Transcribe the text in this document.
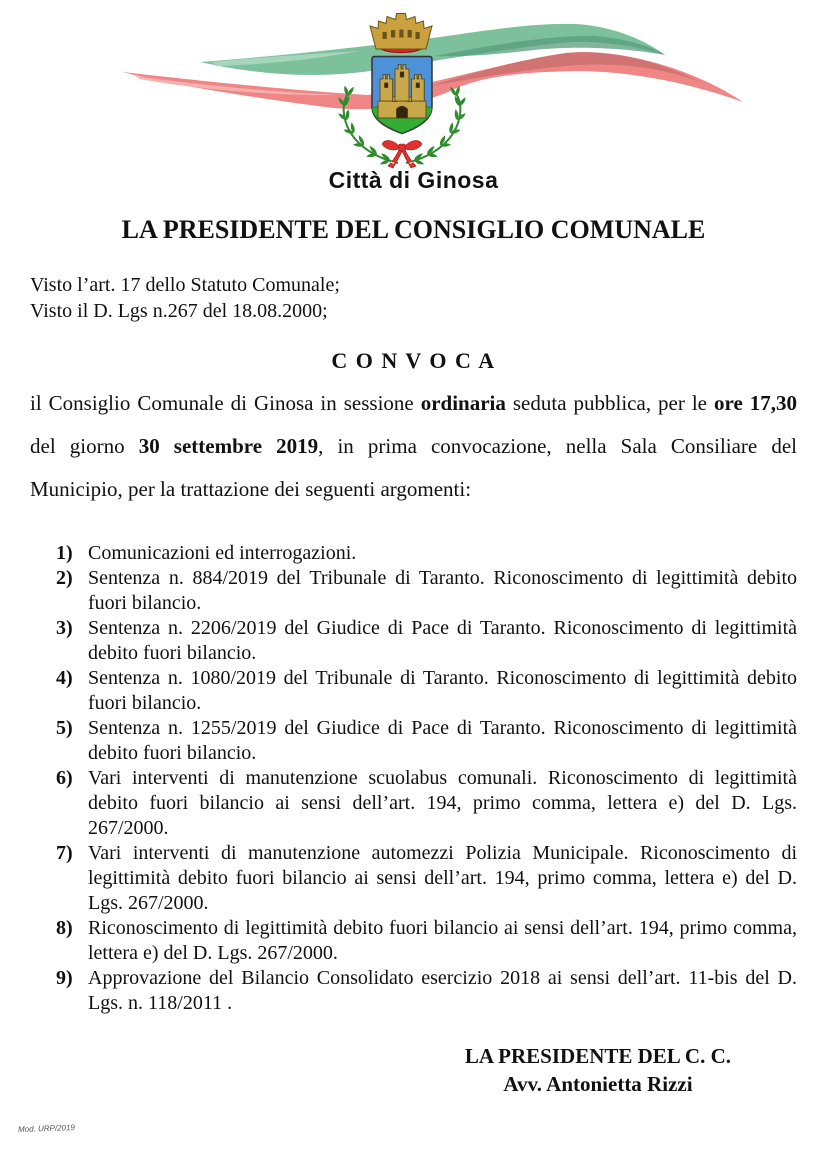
Città di Ginosa
LA PRESIDENTE DEL CONSIGLIO COMUNALE
Visto l’art. 17 dello Statuto Comunale;
Visto il D. Lgs n.267 del 18.08.2000;
C O N V O C A

il Consiglio Comunale di Ginosa in sessione ordinaria seduta pubblica, per le ore 17,30 del giorno 30 settembre 2019, in prima convocazione, nella Sala Consiliare del Municipio, per la trattazione dei seguenti argomenti:

1) Comunicazioni ed interrogazioni.
2) Sentenza n. 884/2019 del Tribunale di Taranto. Riconoscimento di legittimità debito fuori bilancio.
3) Sentenza n. 2206/2019 del Giudice di Pace di Taranto. Riconoscimento di legittimità debito fuori bilancio.
4) Sentenza n. 1080/2019 del Tribunale di Taranto. Riconoscimento di legittimità debito fuori bilancio.
5) Sentenza n. 1255/2019 del Giudice di Pace di Taranto. Riconoscimento di legittimità debito fuori bilancio.
6) Vari interventi di manutenzione scuolabus comunali. Riconoscimento di legittimità debito fuori bilancio ai sensi dell’art. 194, primo comma, lettera e) del D. Lgs. 267/2000.
7) Vari interventi di manutenzione automezzi Polizia Municipale. Riconoscimento di legittimità debito fuori bilancio ai sensi dell’art. 194, primo comma, lettera e) del D. Lgs. 267/2000.
8) Riconoscimento di legittimità debito fuori bilancio ai sensi dell’art. 194, primo comma, lettera e) del D. Lgs. 267/2000.
9) Approvazione del Bilancio Consolidato esercizio 2018 ai sensi dell’art. 11-bis del D. Lgs. n. 118/2011 .
LA PRESIDENTE DEL C. C.
Avv. Antonietta Rizzi
Mod. URP/2019
